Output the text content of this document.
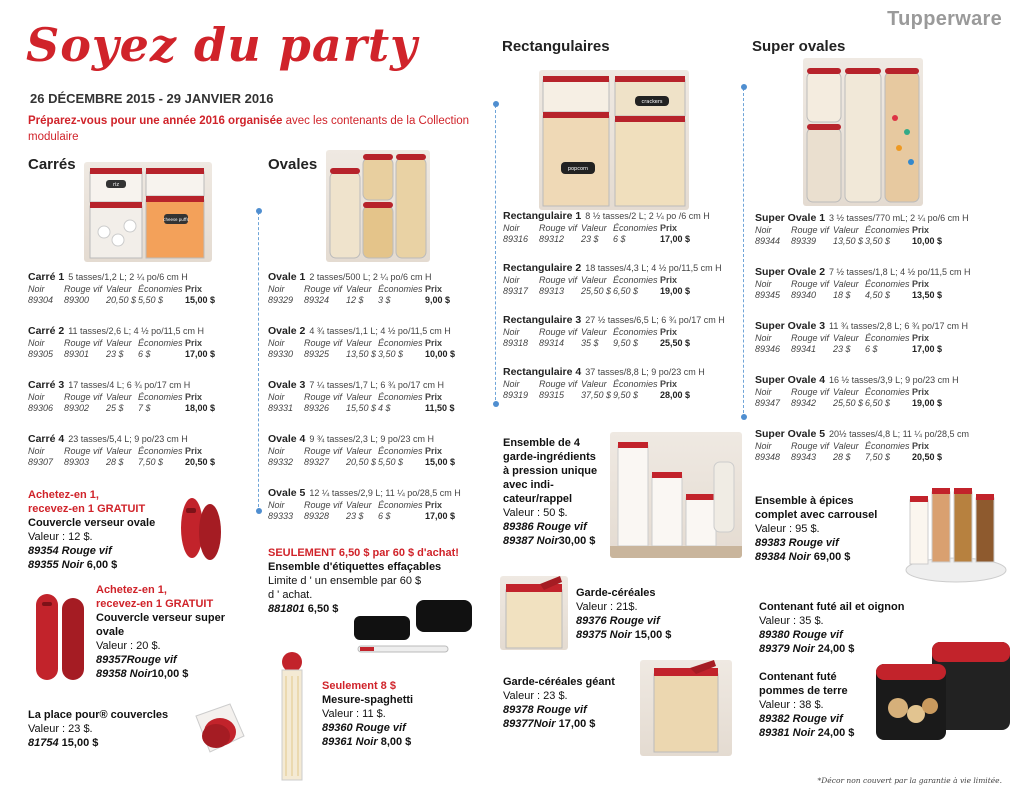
Tupperware
Soyez du party
26 DÉCEMBRE 2015 - 29 JANVIER 2016
Préparez-vous pour une année 2016 organisée avec les contenants de la Collection modulaire
Carrés	Ovales
Rectangulaires	Super ovales
riz
cheese puffs
popcorn
crackers
Carré 1 5 tasses/1,2 L; 2 ¼ po/6 cm H
Noir	Rouge vif Valeur Économies Prix
89304	89300	20,50 $ 5,50 $	15,00 $
Carré 2 11 tasses/2,6 L; 4 ½ po/11,5 cm H
Noir	Rouge vif Valeur Économies Prix
89305	89301	23 $	6 $	17,00 $
Carré 3 17 tasses/4 L; 6 ¾ po/17 cm H
Noir	Rouge vif Valeur Économies Prix
89306	89302	25 $	7 $	18,00 $
Carré 4 23 tasses/5,4 L; 9 po/23 cm H
Noir	Rouge vif Valeur Économies Prix
89307	89303	28 $	7,50 $	20,50 $
Ovale 1 2 tasses/500 L; 2 ¼ po/6 cm H
Noir	Rouge vif Valeur Économies Prix
89329	89324	12 $	3 $	9,00 $
Ovale 2 4 ¾ tasses/1,1 L; 4 ½ po/11,5 cm H
Noir	Rouge vif Valeur Économies Prix
89330	89325	13,50 $ 3,50 $	10,00 $
Ovale 3 7 ¼ tasses/1,7 L; 6 ¾ po/17 cm H
Noir	Rouge vif Valeur Économies Prix
89331	89326	15,50 $ 4 $	11,50 $
Ovale 4 9 ¾ tasses/2,3 L; 9 po/23 cm H
Noir	Rouge vif Valeur Économies Prix
89332	89327	20,50 $ 5,50 $	15,00 $
Ovale 5 12 ¼ tasses/2,9 L; 11 ¼ po/28,5 cm H
Noir	Rouge vif Valeur Économies Prix
89333	89328	23 $	6 $	17,00 $
Rectangulaire 1 8 ½ tasses/2 L; 2 ¼ po /6 cm H
Noir	Rouge vif Valeur Économies Prix
89316	89312	23 $	6 $	17,00 $
Rectangulaire 2 18 tasses/4,3 L; 4 ½ po/11,5 cm H
Noir	Rouge vif Valeur Économies Prix
89317	89313	25,50 $ 6,50 $	19,00 $
Rectangulaire 3 27 ½ tasses/6,5 L; 6 ¾ po/17 cm H
Noir	Rouge vif Valeur Économies Prix
89318	89314	35 $	9,50 $	25,50 $
Rectangulaire 4 37 tasses/8,8 L; 9 po/23 cm H
Noir	Rouge vif Valeur Économies Prix
89319	89315	37,50 $ 9,50 $	28,00 $
Super Ovale 1 3 ½ tasses/770 mL; 2 ¼ po/6 cm H
Noir	Rouge vif Valeur Économies Prix
89344	89339	13,50 $ 3,50 $	10,00 $
Super Ovale 2 7 ½ tasses/1,8 L; 4 ½ po/11,5 cm H
Noir	Rouge vif Valeur Économies Prix
89345	89340	18 $	4,50 $	13,50 $
Super Ovale 3 11 ¾ tasses/2,8 L; 6 ¾ po/17 cm H
Noir	Rouge vif Valeur Économies Prix
89346	89341	23 $	6 $	17,00 $
Super Ovale 4 16 ½ tasses/3,9 L; 9 po/23 cm H
Noir	Rouge vif Valeur Économies Prix
89347	89342	25,50 $ 6,50 $	19,00 $
Super Ovale 5 20½ tasses/4,8 L; 11 ¼ po/28,5 cm
Noir	Rouge vif Valeur Économies Prix
89348	89343	28 $	7,50 $	20,50 $
Achetez-en 1,
recevez-en 1 GRATUIT
Couvercle verseur ovale
Valeur : 12 $.
89354 Rouge vif
89355 Noir 6,00 $
Achetez-en 1,
recevez-en 1 GRATUIT
Couvercle verseur super
ovale
Valeur : 20 $.
89357Rouge vif
89358 Noir10,00 $
La place pour® couvercles
Valeur : 23 $.
81754 15,00 $
SEULEMENT 6,50 $ par 60 $ d'achat!
Ensemble d'étiquettes effaçables
Limite d ' un ensemble par 60 $
d ' achat.
881801 6,50 $
Seulement 8 $
Mesure-spaghetti
Valeur : 11 $.
89360 Rouge vif
89361 Noir 8,00 $
Ensemble de 4
garde-ingrédients
à pression unique
avec indi-
cateur/rappel
Valeur : 50 $.
89386 Rouge vif
89387 Noir30,00 $
Garde-céréales
Valeur : 21$.
89376 Rouge vif
89375 Noir 15,00 $
Garde-céréales géant
Valeur : 23 $.
89378 Rouge vif
89377Noir 17,00 $
Ensemble à épices
complet avec carrousel
Valeur : 95 $.
89383 Rouge vif
89384 Noir 69,00 $
Contenant futé ail et oignon
Valeur : 35 $.
89380 Rouge vif
89379 Noir 24,00 $
Contenant futé
pommes de terre
Valeur : 38 $.
89382 Rouge vif
89381 Noir 24,00 $
*Décor non couvert par la garantie à vie limitée.
